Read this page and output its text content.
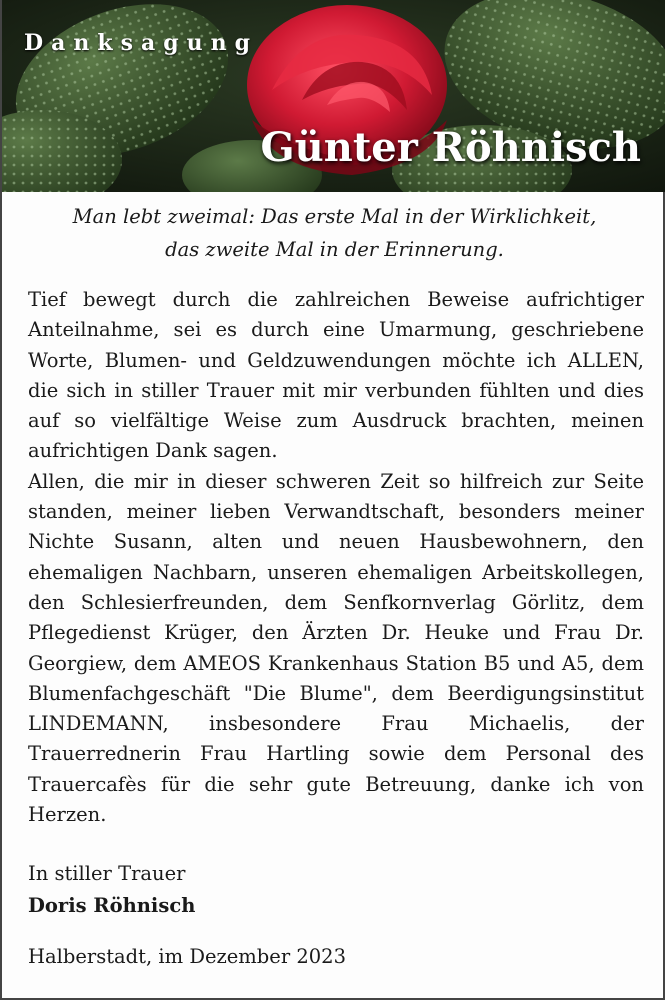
Danksagung
Günter Röhnisch
Man lebt zweimal: Das erste Mal in der Wirklichkeit,
das zweite Mal in der Erinnerung.

Tief bewegt durch die zahlreichen Beweise aufrichtiger Anteilnahme, sei es durch eine Umarmung, geschriebene Worte, Blumen- und Geldzuwendungen möchte ich ALLEN, die sich in stiller Trauer mit mir verbunden fühlten und dies auf so vielfältige Weise zum Ausdruck brachten, meinen aufrichtigen Dank sagen.

Allen, die mir in dieser schweren Zeit so hilfreich zur Seite standen, meiner lieben Verwandtschaft, besonders meiner Nichte Susann, alten und neuen Hausbewohnern, den ehemaligen Nachbarn, unseren ehemaligen Arbeitskollegen, den Schlesierfreunden, dem Senfkornverlag Görlitz, dem Pflegedienst Krüger, den Ärzten Dr. Heuke und Frau Dr. Georgiew, dem AMEOS Krankenhaus Station B5 und A5, dem Blumenfachgeschäft "Die Blume", dem Beerdigungsinstitut LINDEMANN, insbesondere Frau Michaelis, der Trauerrednerin Frau Hartling sowie dem Personal des Trauercafès für die sehr gute Betreuung, danke ich von Herzen.

In stiller Trauer
Doris Röhnisch
Halberstadt, im Dezember 2023
